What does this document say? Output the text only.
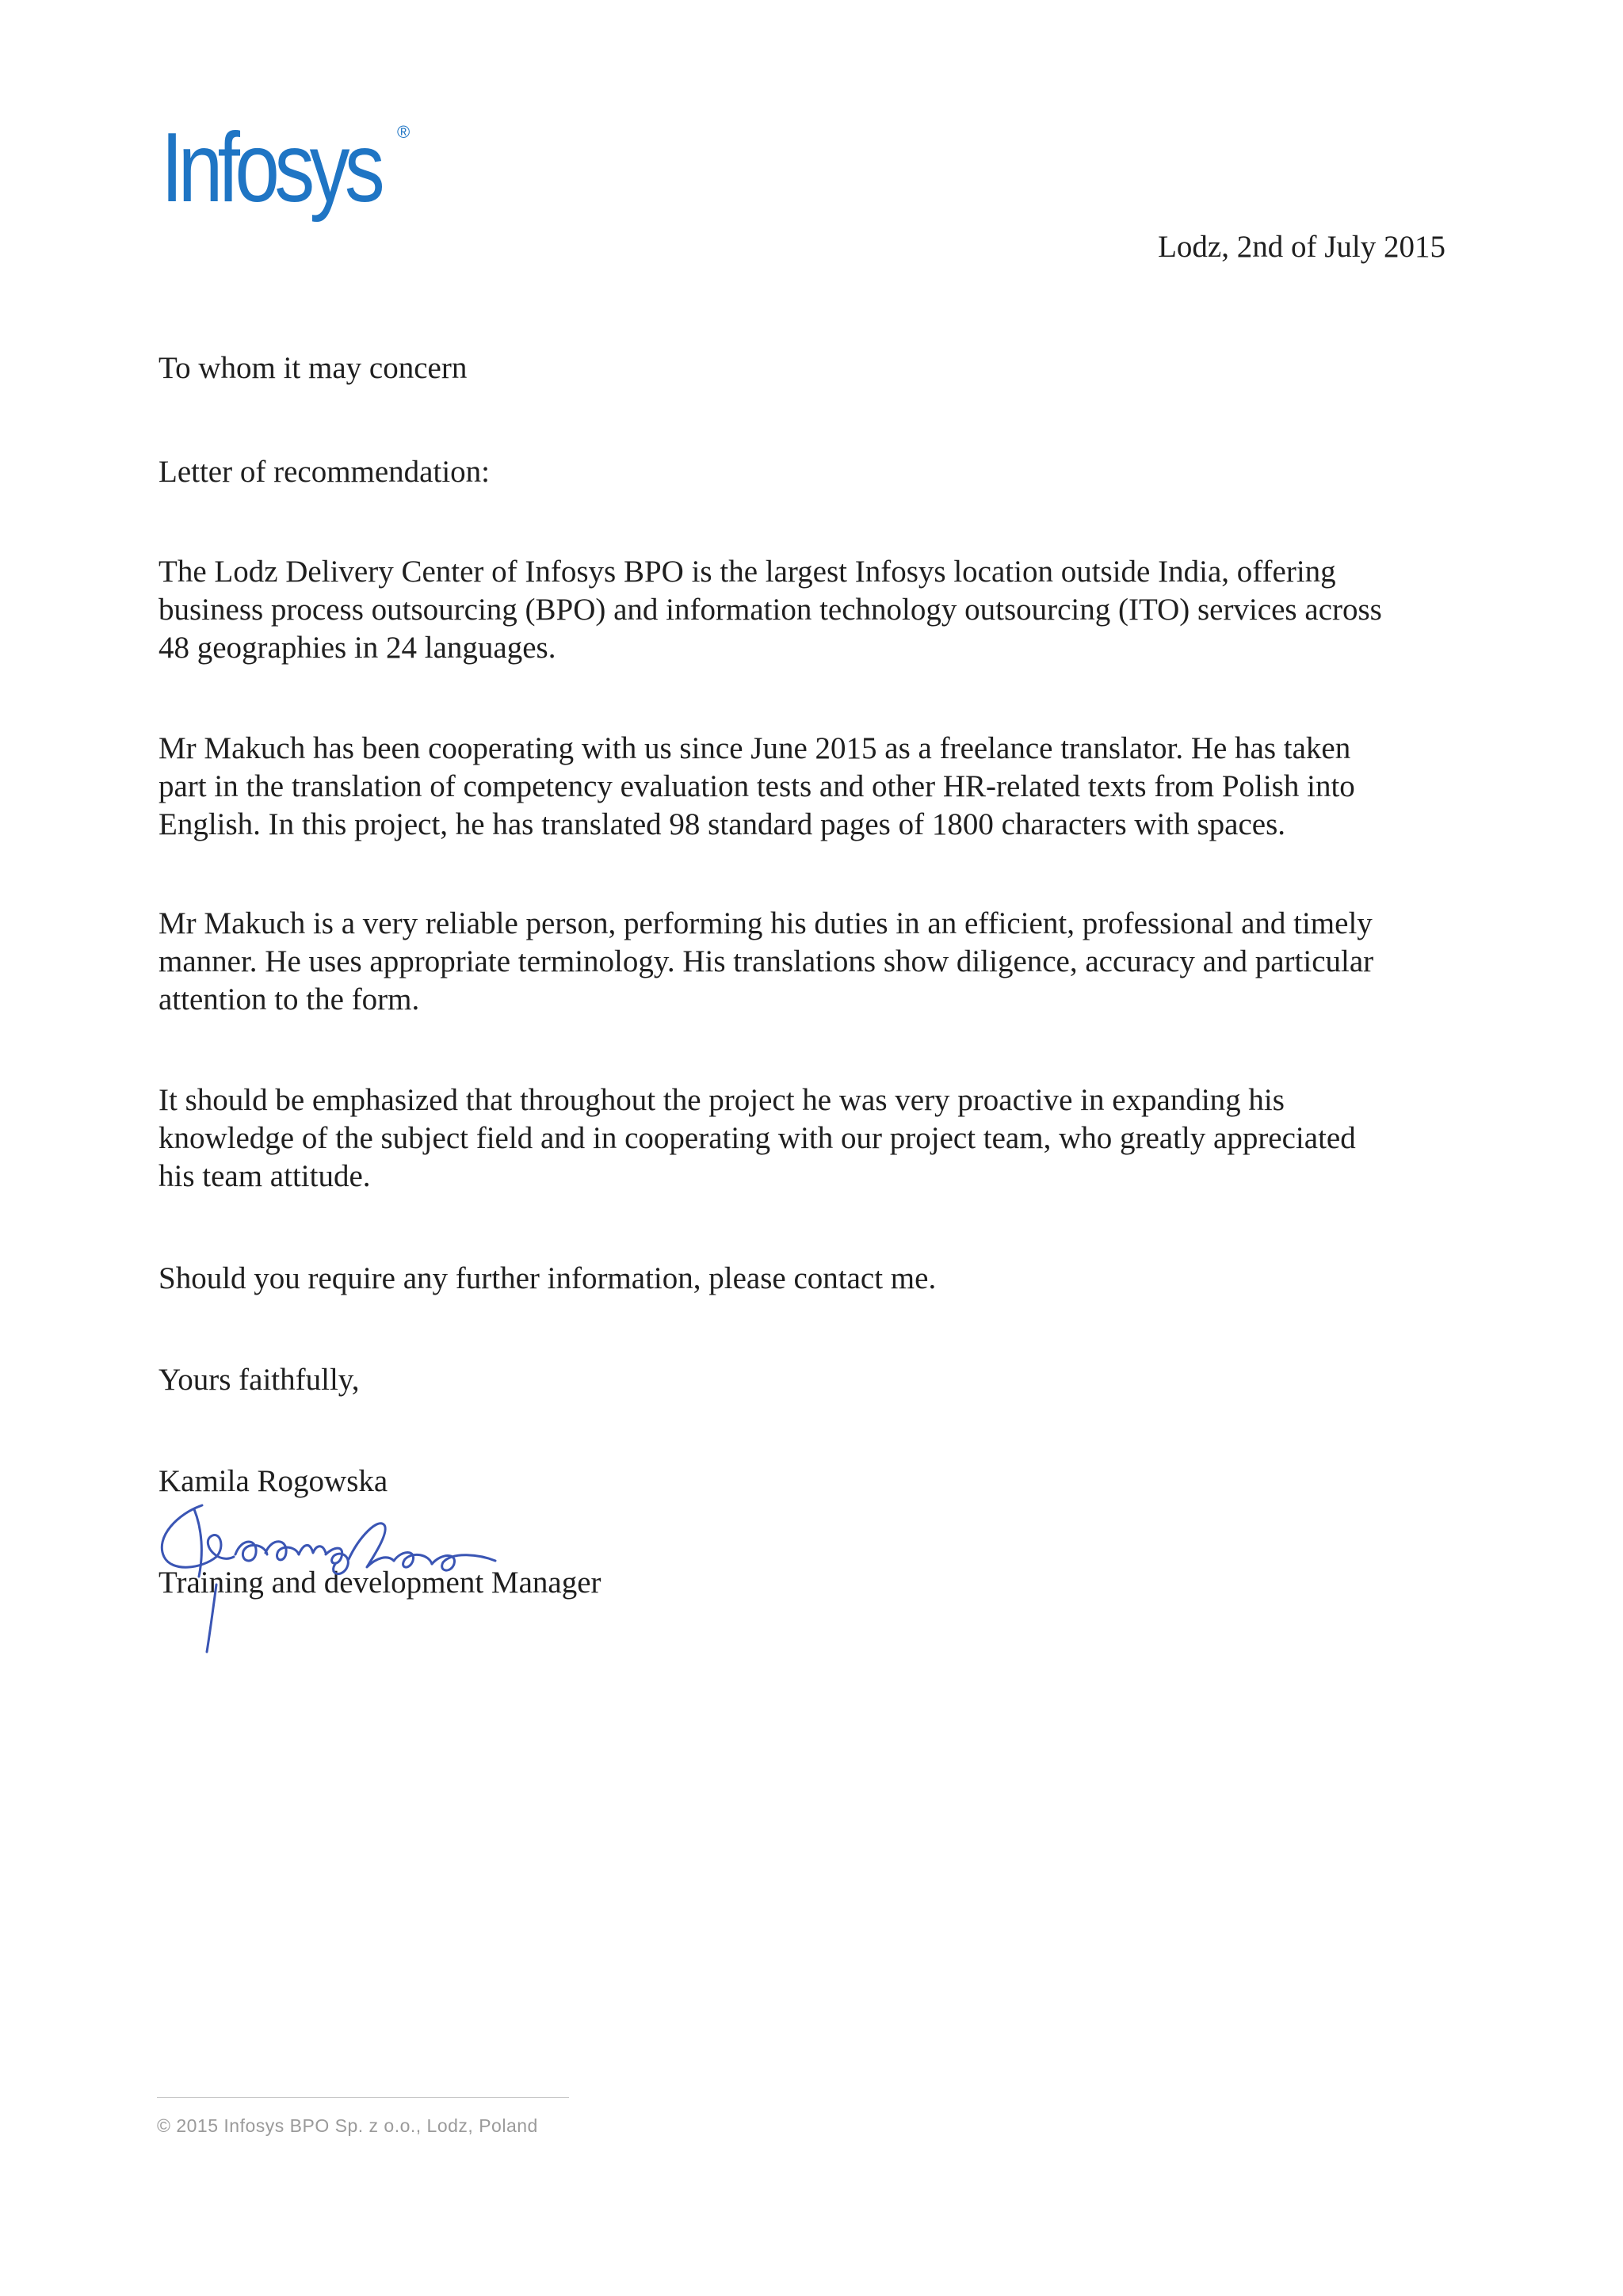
Infosys ®
Lodz, 2nd of July 2015
To whom it may concern
Letter of recommendation:
The Lodz Delivery Center of Infosys BPO is the largest Infosys location outside India, offering
business process outsourcing (BPO) and information technology outsourcing (ITO) services across
48 geographies in 24 languages.
Mr Makuch has been cooperating with us since June 2015 as a freelance translator. He has taken
part in the translation of competency evaluation tests and other HR-related texts from Polish into
English. In this project, he has translated 98 standard pages of 1800 characters with spaces.
Mr Makuch is a very reliable person, performing his duties in an efficient, professional and timely
manner. He uses appropriate terminology. His translations show diligence, accuracy and particular
attention to the form.
It should be emphasized that throughout the project he was very proactive in expanding his
knowledge of the subject field and in cooperating with our project team, who greatly appreciated
his team attitude.
Should you require any further information, please contact me.
Yours faithfully,
Kamila Rogowska
Training and development Manager
© 2015 Infosys BPO Sp. z o.o., Lodz, Poland
